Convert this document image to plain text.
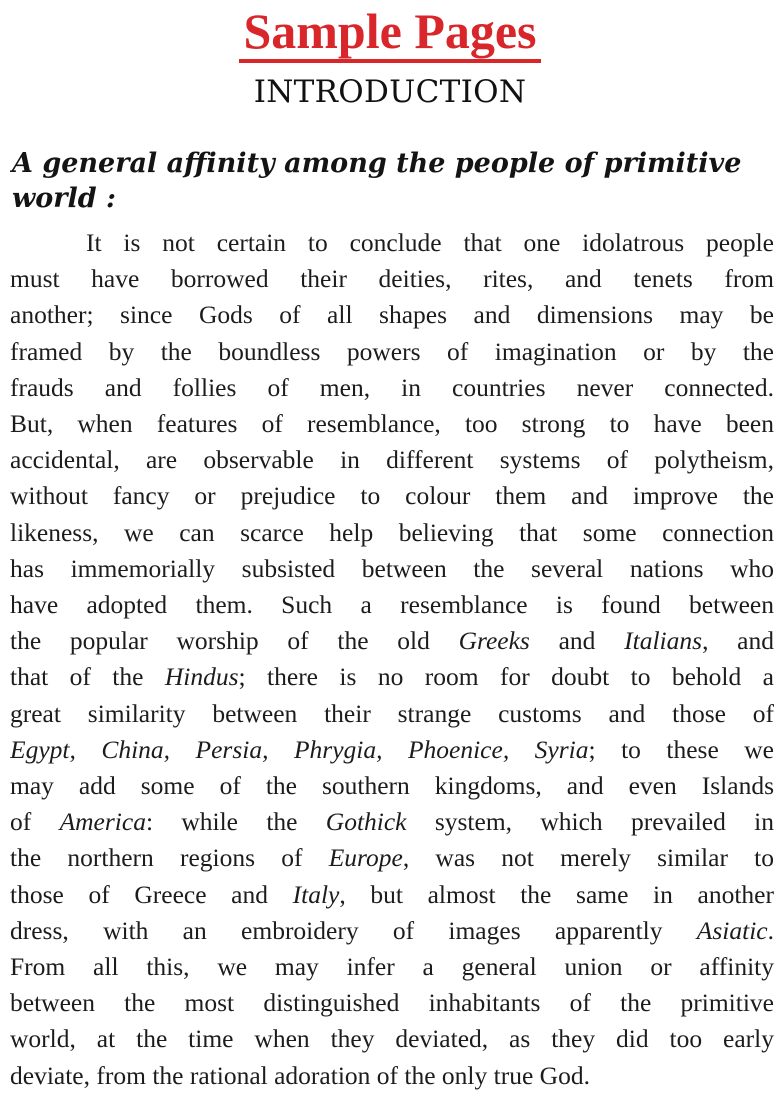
Sample Pages
INTRODUCTION
A general affinity among the people of primitive
world :
It is not certain to conclude that one idolatrous people
must have borrowed their deities, rites, and tenets from
another; since Gods of all shapes and dimensions may be
framed by the boundless powers of imagination or by the
frauds and follies of men, in countries never connected.
But, when features of resemblance, too strong to have been
accidental, are observable in different systems of polytheism,
without fancy or prejudice to colour them and improve the
likeness, we can scarce help believing that some connection
has immemorially subsisted between the several nations who
have adopted them. Such a resemblance is found between
the popular worship of the old Greeks and Italians, and
that of the Hindus; there is no room for doubt to behold a
great similarity between their strange customs and those of
Egypt, China, Persia, Phrygia, Phoenice, Syria; to these we
may add some of the southern kingdoms, and even Islands
of America: while the Gothick system, which prevailed in
the northern regions of Europe, was not merely similar to
those of Greece and Italy, but almost the same in another
dress, with an embroidery of images apparently Asiatic.
From all this, we may infer a general union or affinity
between the most distinguished inhabitants of the primitive
world, at the time when they deviated, as they did too early
deviate, from the rational adoration of the only true God.
